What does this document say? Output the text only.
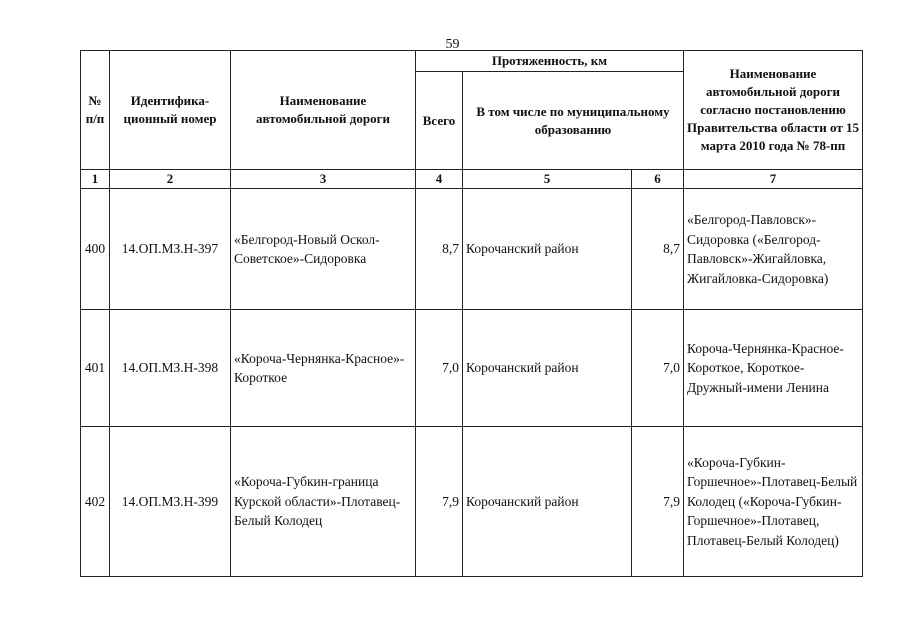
59
№ п/п	Идентифика-ционный номер	Наименование автомобильной дороги	Протяженность, км			Наименование автомобильной дороги согласно постановлению Правительства области от 15 марта 2010 года № 78-пп
			Всего	В том числе по муниципальному образованию		
1	2	3	4	5	6	7
400	14.ОП.МЗ.Н-397	«Белгород-Новый Оскол-Советское»-Сидоровка	8,7	Корочанский район	8,7	«Белгород-Павловск»-Сидоровка («Белгород-Павловск»-Жигайловка, Жигайловка-Сидоровка)
401	14.ОП.МЗ.Н-398	«Короча-Чернянка-Красное»-Короткое	7,0	Корочанский район	7,0	Короча-Чернянка-Красное-Короткое, Короткое-Дружный-имени Ленина
402	14.ОП.МЗ.Н-399	«Короча-Губкин-граница Курской области»-Плотавец-Белый Колодец	7,9	Корочанский район	7,9	«Короча-Губкин-Горшечное»-Плотавец-Белый Колодец («Короча-Губкин-Горшечное»-Плотавец, Плотавец-Белый Колодец)
